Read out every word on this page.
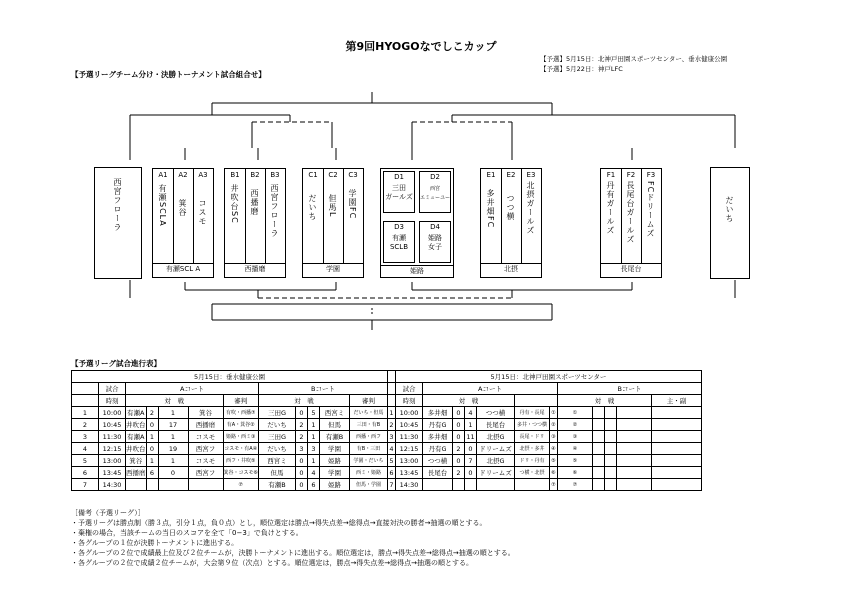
第9回HYOGOなでしこカップ
【予選】5月15日：北神戸田園スポーツセンター、垂水健康公園
【予選】5月22日：神戸LFC
【予選リーグチーム分け・決勝トーナメント試合組合せ】
西宮フローラ	だいち
A1	A2	A3
有瀬SCLA 箕谷 コスモ
有瀬SCL A
B1	B2	B3
井吹台SC 西播磨 西宮フローラ
西播磨
C1	C2	C3
だいち 但馬L 学園FC
学園
D1
三田
ガールズ
D2
西宮
エミューユー
D3
有瀬
SCLB
D4
姫路
女子
姫路
E1	E2	E3
多井畑FC つつ横 北摂ガールズ
北摂
F1	F2	F3
丹有ガールズ 長尾台ガールズ FCドリームズ
長尾台
【予選リーグ試合進行表】
5月15日：垂水健康公園													5月15日：北神戸田園スポーツセンター											
	試合	Aコート					Bコート						試合	Aコート						Bコート				
	時刻	対　戦				審判	対　戦				審判		時刻	対　戦						対　戦				主・副
1	10:00	有瀬A	2	1	箕谷	有吹・西播⑦	三田G	0	5	西宮ミ	だいち・但馬	1	10:00	多井畑	0	4	つつ横	丹有・長尾	①	①				
2	10:45	井吹台	0	17	西播磨	有A・箕谷②	だいち	2	1	但馬	三田・有B	2	10:45	丹有G	0	1	長尾台	多井・つつ横	②	②				
3	11:30	有瀬A	1	1	コスモ	姫路・西ミ③	三田G	2	1	有瀬B	西播・西フ	3	11:30	多井畑	0	11	北摂G	長尾・ドリ	③	③				
4	12:15	井吹台	0	19	西宮フ	コスモ・有A④	だいち	3	3	学園	有B・三田	4	12:15	丹有G	2	0	ドリームズ	北摂・多井	④	④				
5	13:00	箕谷	1	1	コスモ	西フ・井吹⑤	西宮ミ	0	1	姫路	学園・だいち	5	13:00	つつ横	0	7	北摂G	ドリ・丹有	⑤	⑤				
6	13:45	西播磨	6	0	西宮フ	箕谷・コスモ⑥	但馬	0	4	学園	西ミ・姫路	6	13:45	長尾台	2	0	ドリームズ	つ横・北摂	⑥	⑥				
7	14:30					⑦	有瀬B	0	6	姫路	但馬・学園	7	14:30						⑦	⑦				
［備考（予選リーグ）］
・予選リーグは勝点制（勝３点，引分１点，負０点）とし，順位選定は勝点→得失点差→総得点→直接対決の勝者→抽選の順とする。
・棄権の場合，当該チームの当日のスコアを全て「0−3」で負けとする。
・各グループの１位が決勝トーナメントに進出する。
・各グループの２位で成績最上位及び２位チームが，決勝トーナメントに進出する。順位選定は，勝点→得失点差→総得点→抽選の順とする。
・各グループの２位で成績２位チームが，大会第９位（次点）とする。順位選定は，勝点→得失点差→総得点→抽選の順とする。
